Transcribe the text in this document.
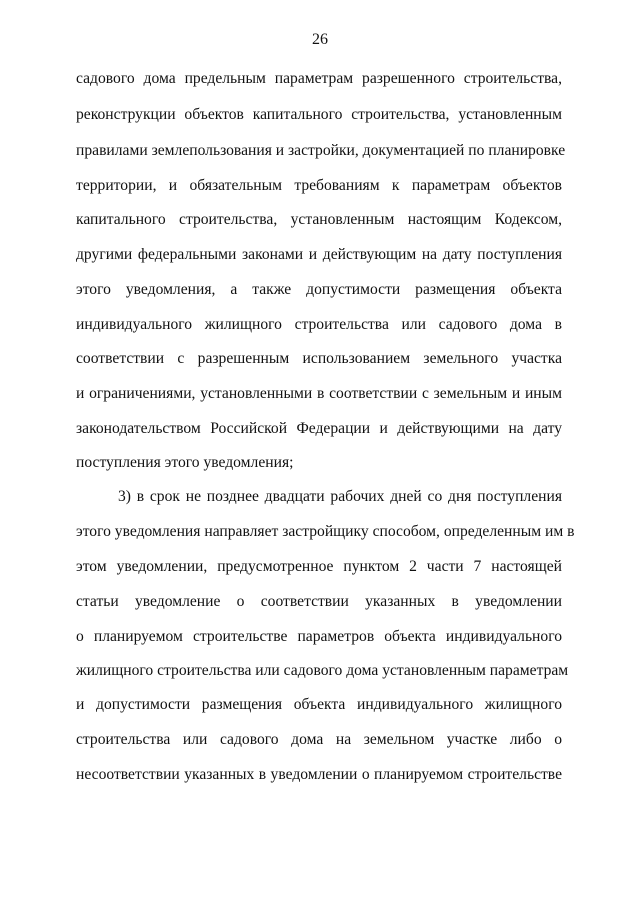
26
садового дома предельным параметрам разрешенного строительства,
реконструкции объектов капитального строительства, установленным
правилами землепользования и застройки, документацией по планировке
территории, и обязательным требованиям к параметрам объектов
капитального строительства, установленным настоящим Кодексом,
другими федеральными законами и действующим на дату поступления
этого уведомления, а также допустимости размещения объекта
индивидуального жилищного строительства или садового дома в
соответствии с разрешенным использованием земельного участка
и ограничениями, установленными в соответствии с земельным и иным
законодательством Российской Федерации и действующими на дату
поступления этого уведомления;
3) в срок не позднее двадцати рабочих дней со дня поступления
этого уведомления направляет застройщику способом, определенным им в
этом уведомлении, предусмотренное пунктом 2 части 7 настоящей
статьи уведомление о соответствии указанных в уведомлении
о планируемом строительстве параметров объекта индивидуального
жилищного строительства или садового дома установленным параметрам
и допустимости размещения объекта индивидуального жилищного
строительства или садового дома на земельном участке либо о
несоответствии указанных в уведомлении о планируемом строительстве
